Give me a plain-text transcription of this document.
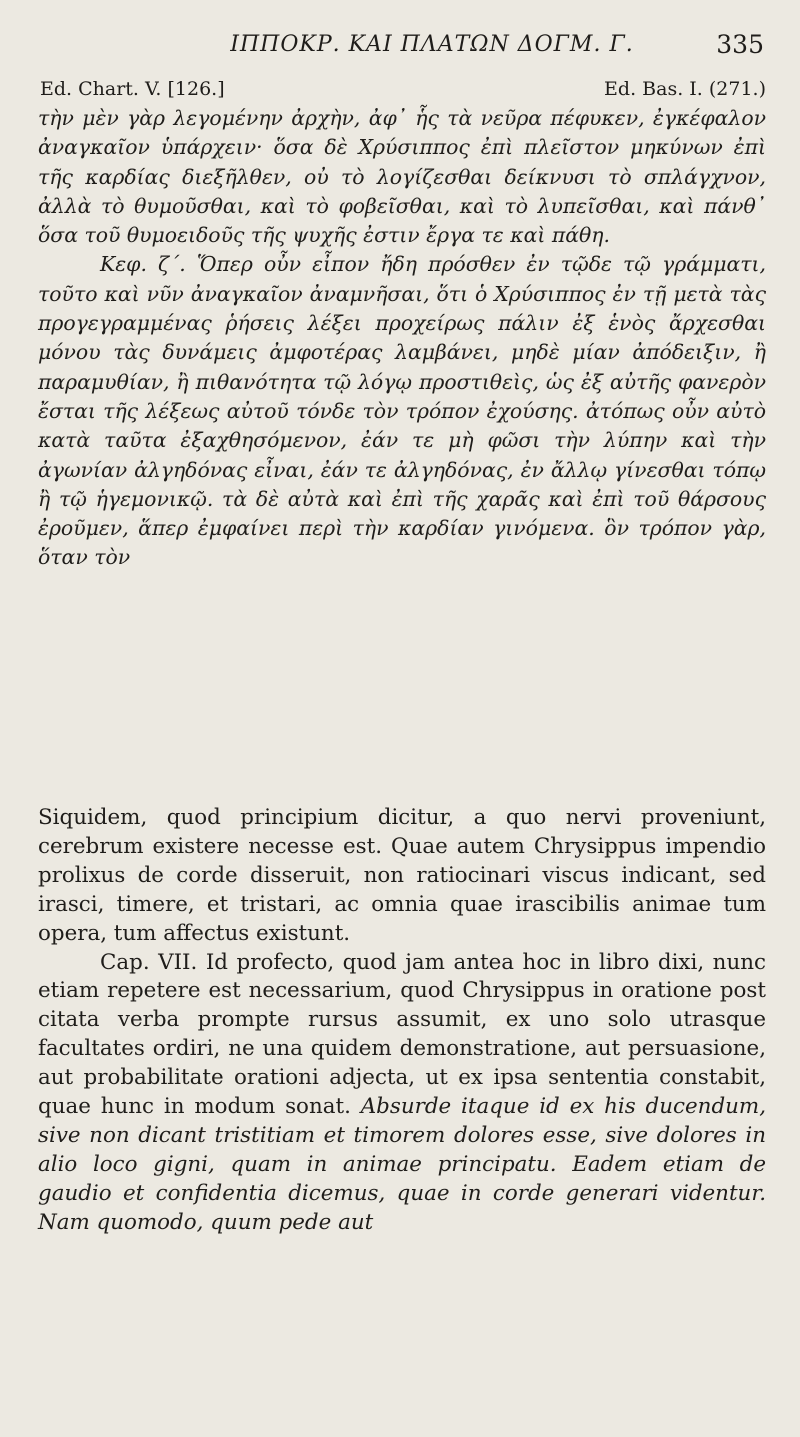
ΙΠΠΟΚΡ. ΚΑΙ ΠΛΑΤΩΝ ΔΟΓΜ. Γ.	335
Ed. Chart. V. [126.]	Ed. Bas. I. (271.)

τὴν μὲν γὰρ λεγομένην ἀρχὴν, ἀφ᾽ ἧς τὰ νεῦρα πέφυκεν, ἐγκέφαλον ἀναγκαῖον ὑπάρχειν· ὅσα δὲ Χρύσιππος ἐπὶ πλεῖστον μηκύνων ἐπὶ τῆς καρδίας διεξῆλθεν, οὐ τὸ λογίζεσθαι δείκνυσι τὸ σπλάγχνον, ἀλλὰ τὸ θυμοῦσθαι, καὶ τὸ φοβεῖσθαι, καὶ τὸ λυπεῖσθαι, καὶ πάνθ᾽ ὅσα τοῦ θυμοειδοῦς τῆς ψυχῆς ἐστιν ἔργα τε καὶ πάθη.

Κεφ. ζ΄. Ὅπερ οὖν εἶπον ἤδη πρόσθεν ἐν τῷδε τῷ γράμματι, τοῦτο καὶ νῦν ἀναγκαῖον ἀναμνῆσαι, ὅτι ὁ Χρύσιππος ἐν τῇ μετὰ τὰς προγεγραμμένας ῥήσεις λέξει προχείρως πάλιν ἐξ ἑνὸς ἄρχεσθαι μόνου τὰς δυνάμεις ἀμφοτέρας λαμβάνει, μηδὲ μίαν ἀπόδειξιν, ἢ παραμυθίαν, ἢ πιθανότητα τῷ λόγῳ προστιθεὶς, ὡς ἐξ αὐτῆς φανερὸν ἔσται τῆς λέξεως αὐτοῦ τόνδε τὸν τρόπον ἐχούσης. ἀτόπως οὖν αὐτὸ κατὰ ταῦτα ἐξαχθησόμενον, ἐάν τε μὴ φῶσι τὴν λύπην καὶ τὴν ἀγωνίαν ἀλγηδόνας εἶναι, ἐάν τε ἀλγηδόνας, ἐν ἄλλῳ γίνεσθαι τόπῳ ἢ τῷ ἡγεμονικῷ. τὰ δὲ αὐτὰ καὶ ἐπὶ τῆς χαρᾶς καὶ ἐπὶ τοῦ θάρσους ἐροῦμεν, ἅπερ ἐμφαίνει περὶ τὴν καρδίαν γινόμενα. ὃν τρόπον γὰρ, ὅταν τὸν

Siquidem, quod principium dicitur, a quo nervi proveniunt, cerebrum existere necesse est. Quae autem Chrysippus impendio prolixus de corde disseruit, non ratiocinari viscus indicant, sed irasci, timere, et tristari, ac omnia quae irascibilis animae tum opera, tum affectus existunt.

Cap. VII. Id profecto, quod jam antea hoc in libro dixi, nunc etiam repetere est necessarium, quod Chrysippus in oratione post citata verba prompte rursus assumit, ex uno solo utrasque facultates ordiri, ne una quidem demonstratione, aut persuasione, aut probabilitate orationi adjecta, ut ex ipsa sententia constabit, quae hunc in modum sonat. Absurde itaque id ex his ducendum, sive non dicant tristitiam et timorem dolores esse, sive dolores in alio loco gigni, quam in animae principatu. Eadem etiam de gaudio et confidentia dicemus, quae in corde generari videntur. Nam quomodo, quum pede aut
